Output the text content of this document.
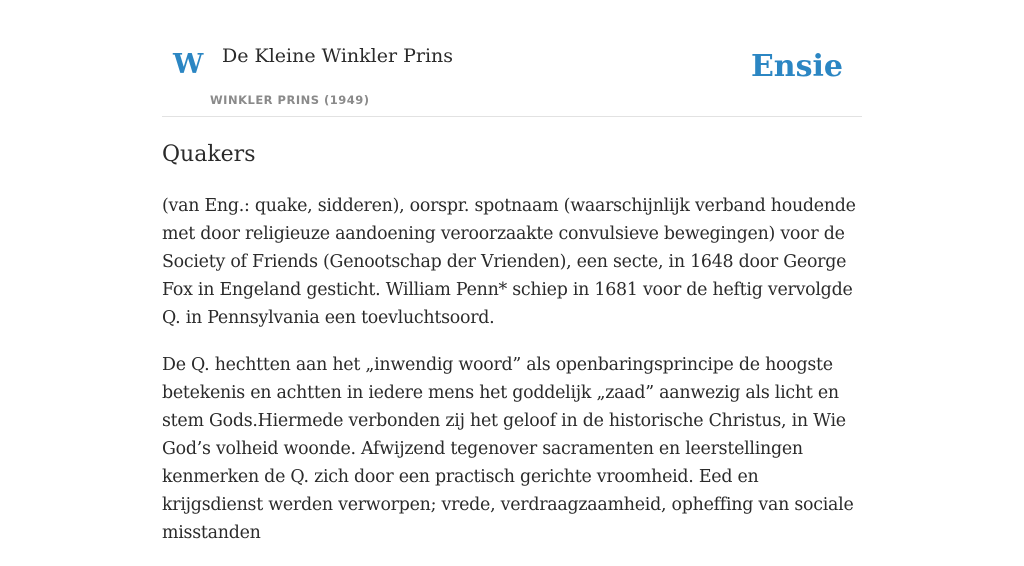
W De Kleine Winkler Prins
WINKLER PRINS (1949)
Ensie
Quakers

(van Eng.: quake, sidderen), oorspr. spotnaam (waarschijnlijk verband houdende met door religieuze aandoening veroorzaakte convulsieve bewegingen) voor de Society of Friends (Genootschap der Vrienden), een secte, in 1648 door George Fox in Engeland gesticht. William Penn* schiep in 1681 voor de heftig vervolgde Q. in Pennsylvania een toevluchtsoord.

De Q. hechtten aan het „inwendig woord” als openbaringsprincipe de hoogste betekenis en achtten in iedere mens het goddelijk „zaad” aanwezig als licht en stem Gods.Hiermede verbonden zij het geloof in de historische Christus, in Wie God’s volheid woonde. Afwijzend tegenover sacramenten en leerstellingen kenmerken de Q. zich door een practisch gerichte vroomheid. Eed en krijgsdienst werden verworpen; vrede, verdraagzaamheid, opheffing van sociale misstanden
